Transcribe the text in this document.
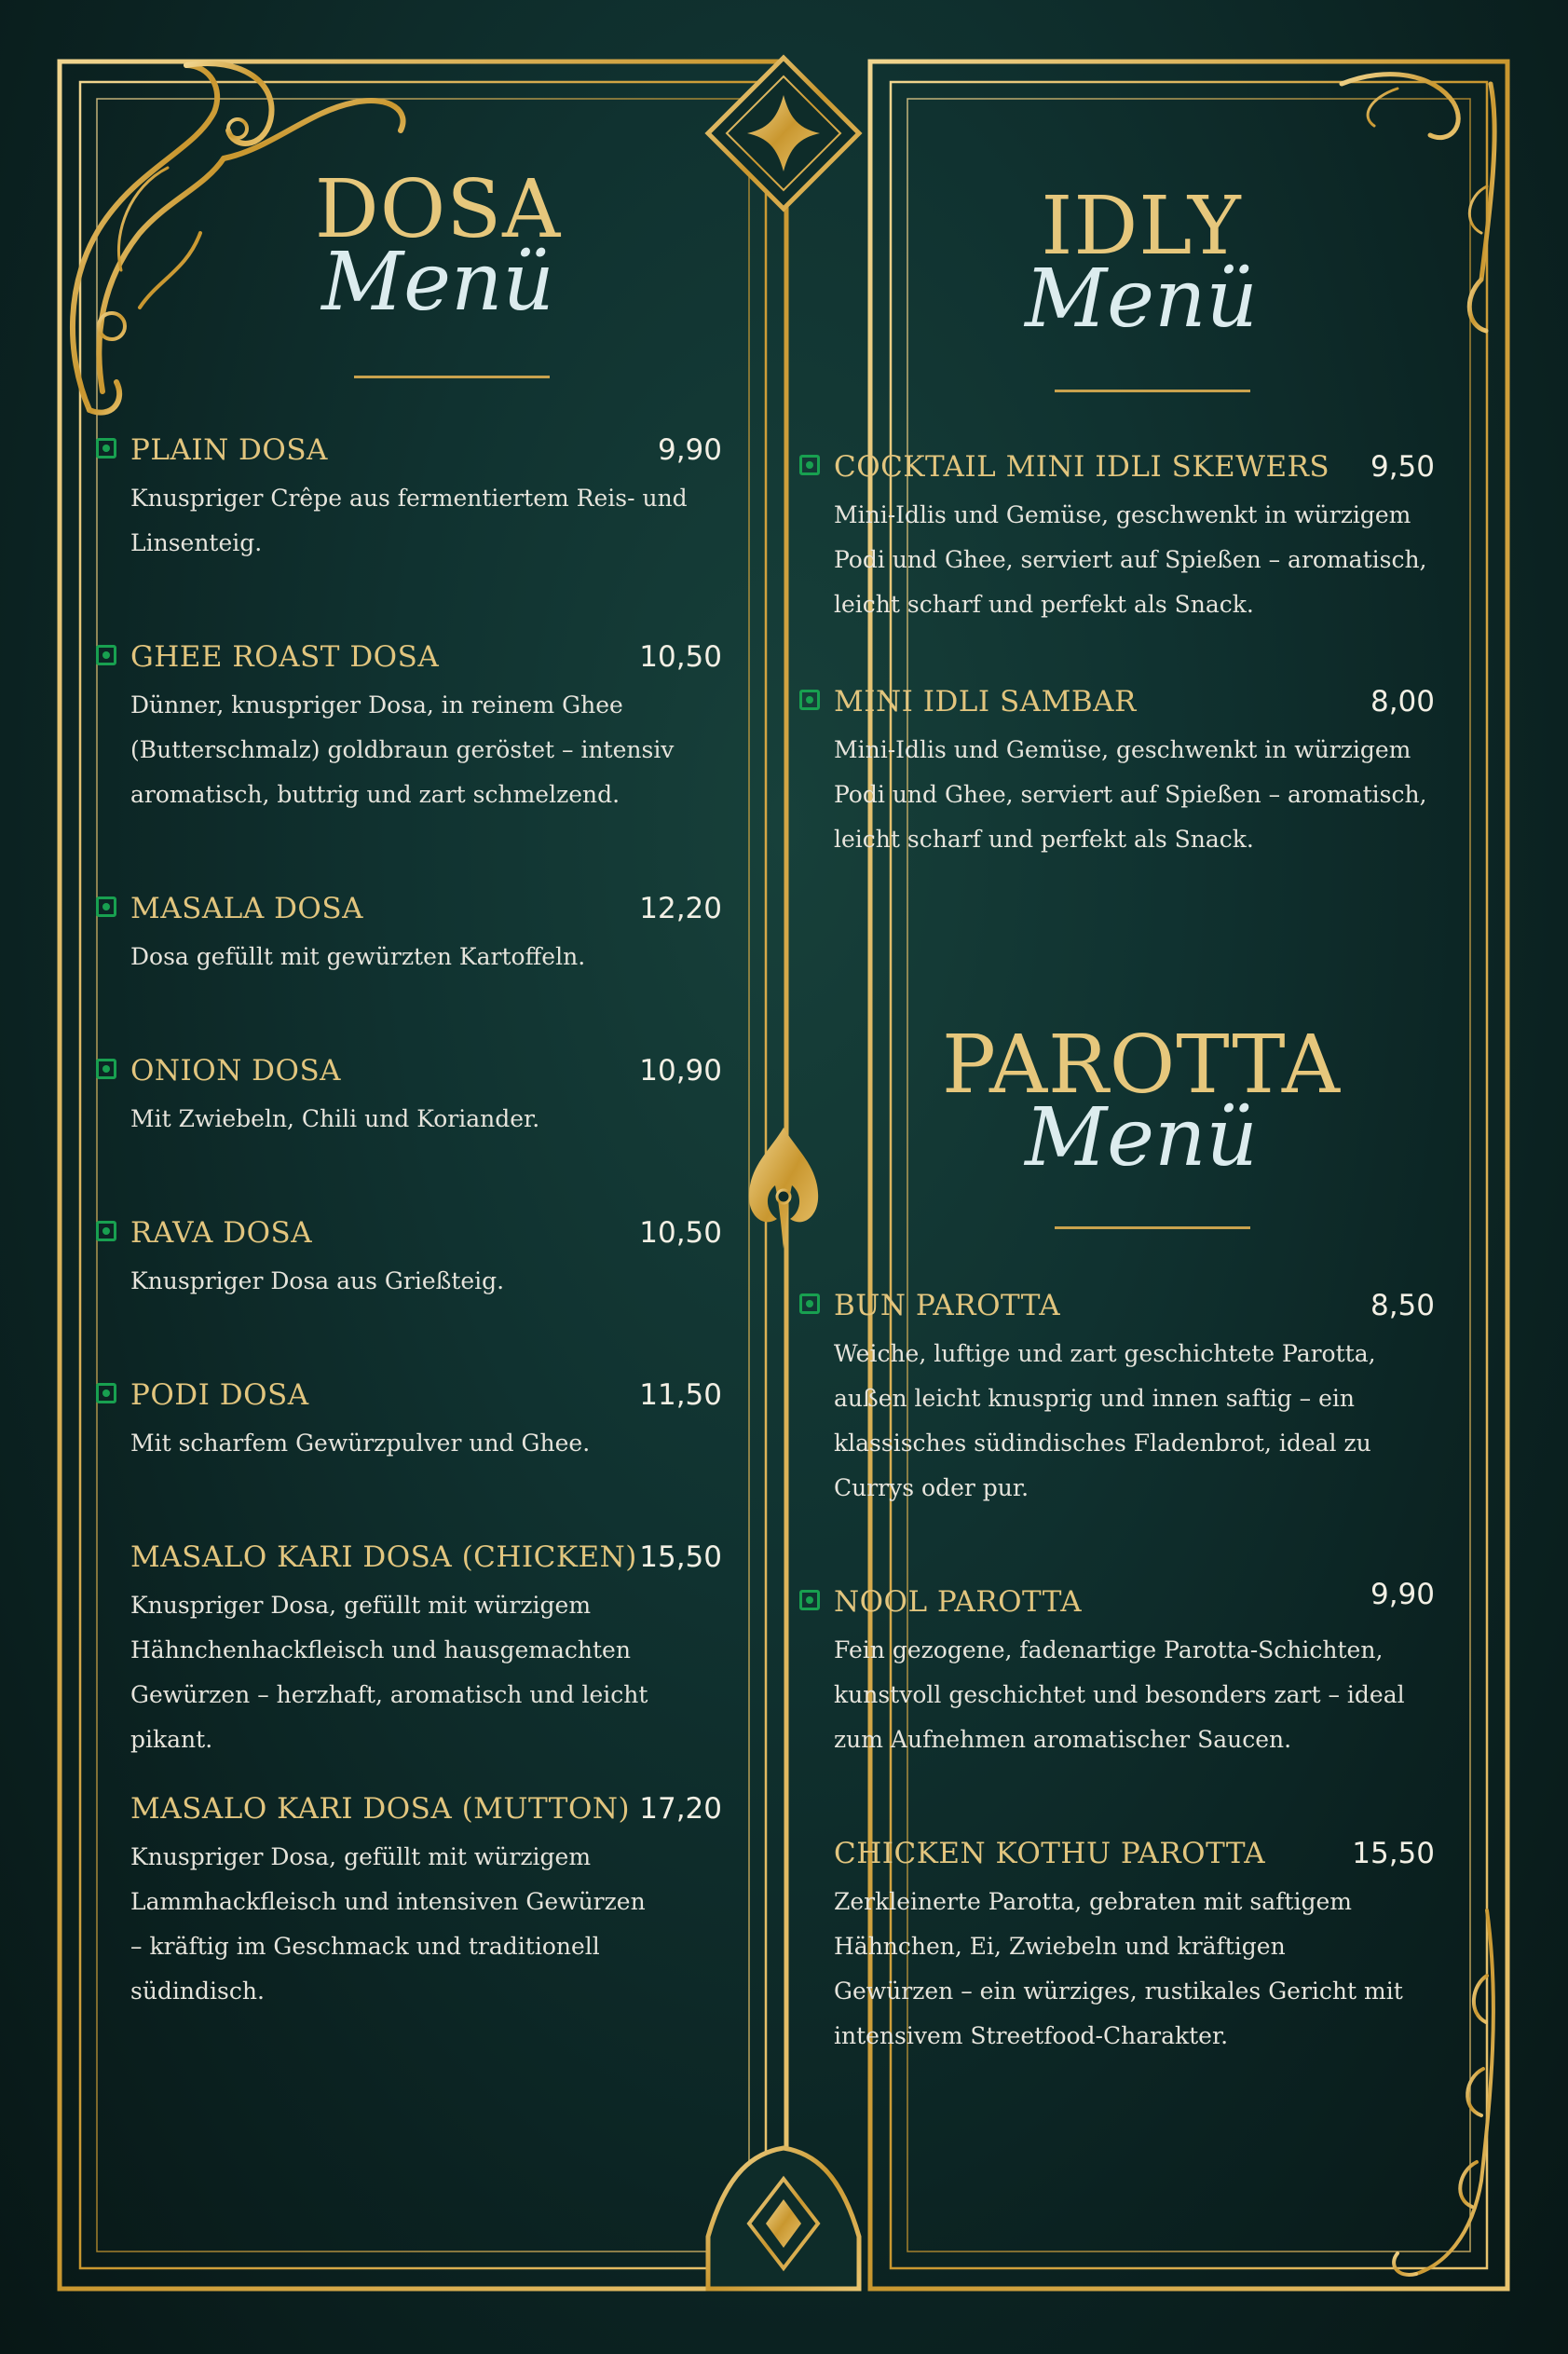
DOSA
Menü
PLAIN DOSA	9,90
Knuspriger Crêpe aus fermentiertem Reis- und Linsenteig.
GHEE ROAST DOSA	10,50
Dünner, knuspriger Dosa, in reinem Ghee (Butterschmalz) goldbraun geröstet – intensiv aromatisch, buttrig und zart schmelzend.
MASALA DOSA	12,20
Dosa gefüllt mit gewürzten Kartoffeln.
ONION DOSA	10,90
Mit Zwiebeln, Chili und Koriander.
RAVA DOSA	10,50
Knuspriger Dosa aus Grießteig.
PODI DOSA	11,50
Mit scharfem Gewürzpulver und Ghee.
MASALO KARI DOSA (CHICKEN) 15,50
Knuspriger Dosa, gefüllt mit würzigem Hähnchenhackfleisch und hausgemachten Gewürzen – herzhaft, aromatisch und leicht pikant.
MASALO KARI DOSA (MUTTON) 17,20
Knuspriger Dosa, gefüllt mit würzigem Lammhackfleisch und intensiven Gewürzen – kräftig im Geschmack und traditionell südindisch.
IDLY
Menü
COCKTAIL MINI IDLI SKEWERS 9,50
Mini-Idlis und Gemüse, geschwenkt in würzigem Podi und Ghee, serviert auf Spießen – aromatisch, leicht scharf und perfekt als Snack.
MINI IDLI SAMBAR	8,00
Mini-Idlis und Gemüse, geschwenkt in würzigem Podi und Ghee, serviert auf Spießen – aromatisch, leicht scharf und perfekt als Snack.
PAROTTA
Menü
BUN PAROTTA	8,50
Weiche, luftige und zart geschichtete Parotta, außen leicht knusprig und innen saftig – ein klassisches südindisches Fladenbrot, ideal zu Currys oder pur.
NOOL PAROTTA	9,90
Fein gezogene, fadenartige Parotta-Schichten, kunstvoll geschichtet und besonders zart – ideal zum Aufnehmen aromatischer Saucen.
CHICKEN KOTHU PAROTTA	15,50
Zerkleinerte Parotta, gebraten mit saftigem Hähnchen, Ei, Zwiebeln und kräftigen Gewürzen – ein würziges, rustikales Gericht mit intensivem Streetfood-Charakter.
